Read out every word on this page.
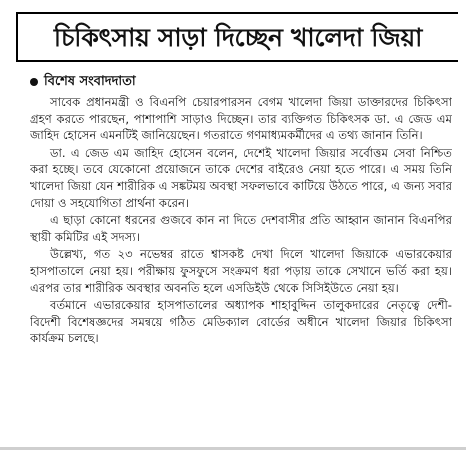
চিকিৎসায় সাড়া দিচ্ছেন খালেদা জিয়া
বিশেষ সংবাদদাতা

সাবেক প্রধানমন্ত্রী ও বিএনপি চেয়ারপারসন বেগম খালেদা জিয়া ডাক্তারদের চিকিৎসা গ্রহণ করতে পারছেন, পাশাপাশি সাড়াও দিচ্ছেন। তার ব্যক্তিগত চিকিৎসক ডা. এ জেড এম জাহিদ হোসেন এমনটিই জানিয়েছেন। গতরাতে গণমাধ্যমকর্মীদের এ তথ্য জানান তিনি।

ডা. এ জেড এম জাহিদ হোসেন বলেন, দেশেই খালেদা জিয়ার সর্বোত্তম সেবা নিশ্চিত করা হচ্ছে। তবে যেকোনো প্রয়োজনে তাকে দেশের বাইরেও নেয়া হতে পারে। এ সময় তিনি খালেদা জিয়া যেন শারীরিক এ সঙ্কটময় অবস্থা সফলভাবে কাটিয়ে উঠতে পারে, এ জন্য সবার দোয়া ও সহযোগিতা প্রার্থনা করেন।

এ ছাড়া কোনো ধরনের গুজবে কান না দিতে দেশবাসীর প্রতি আহ্বান জানান বিএনপির স্থায়ী কমিটির এই সদস্য।

উল্লেখ্য, গত ২৩ নভেম্বর রাতে শ্বাসকষ্ট দেখা দিলে খালেদা জিয়াকে এভারকেয়ার হাসপাতালে নেয়া হয়। পরীক্ষায় ফুসফুসে সংক্রমণ ধরা পড়ায় তাকে সেখানে ভর্তি করা হয়। এরপর তার শারীরিক অবস্থার অবনতি হলে এসডিইউ থেকে সিসিইউতে নেয়া হয়।

বর্তমানে এভারকেয়ার হাসপাতালের অধ্যাপক শাহাবুদ্দিন তালুকদারের নেতৃত্বে দেশী-বিদেশী বিশেষজ্ঞদের সমন্বয়ে গঠিত মেডিক্যাল বোর্ডের অধীনে খালেদা জিয়ার চিকিৎসা কার্যক্রম চলছে।
